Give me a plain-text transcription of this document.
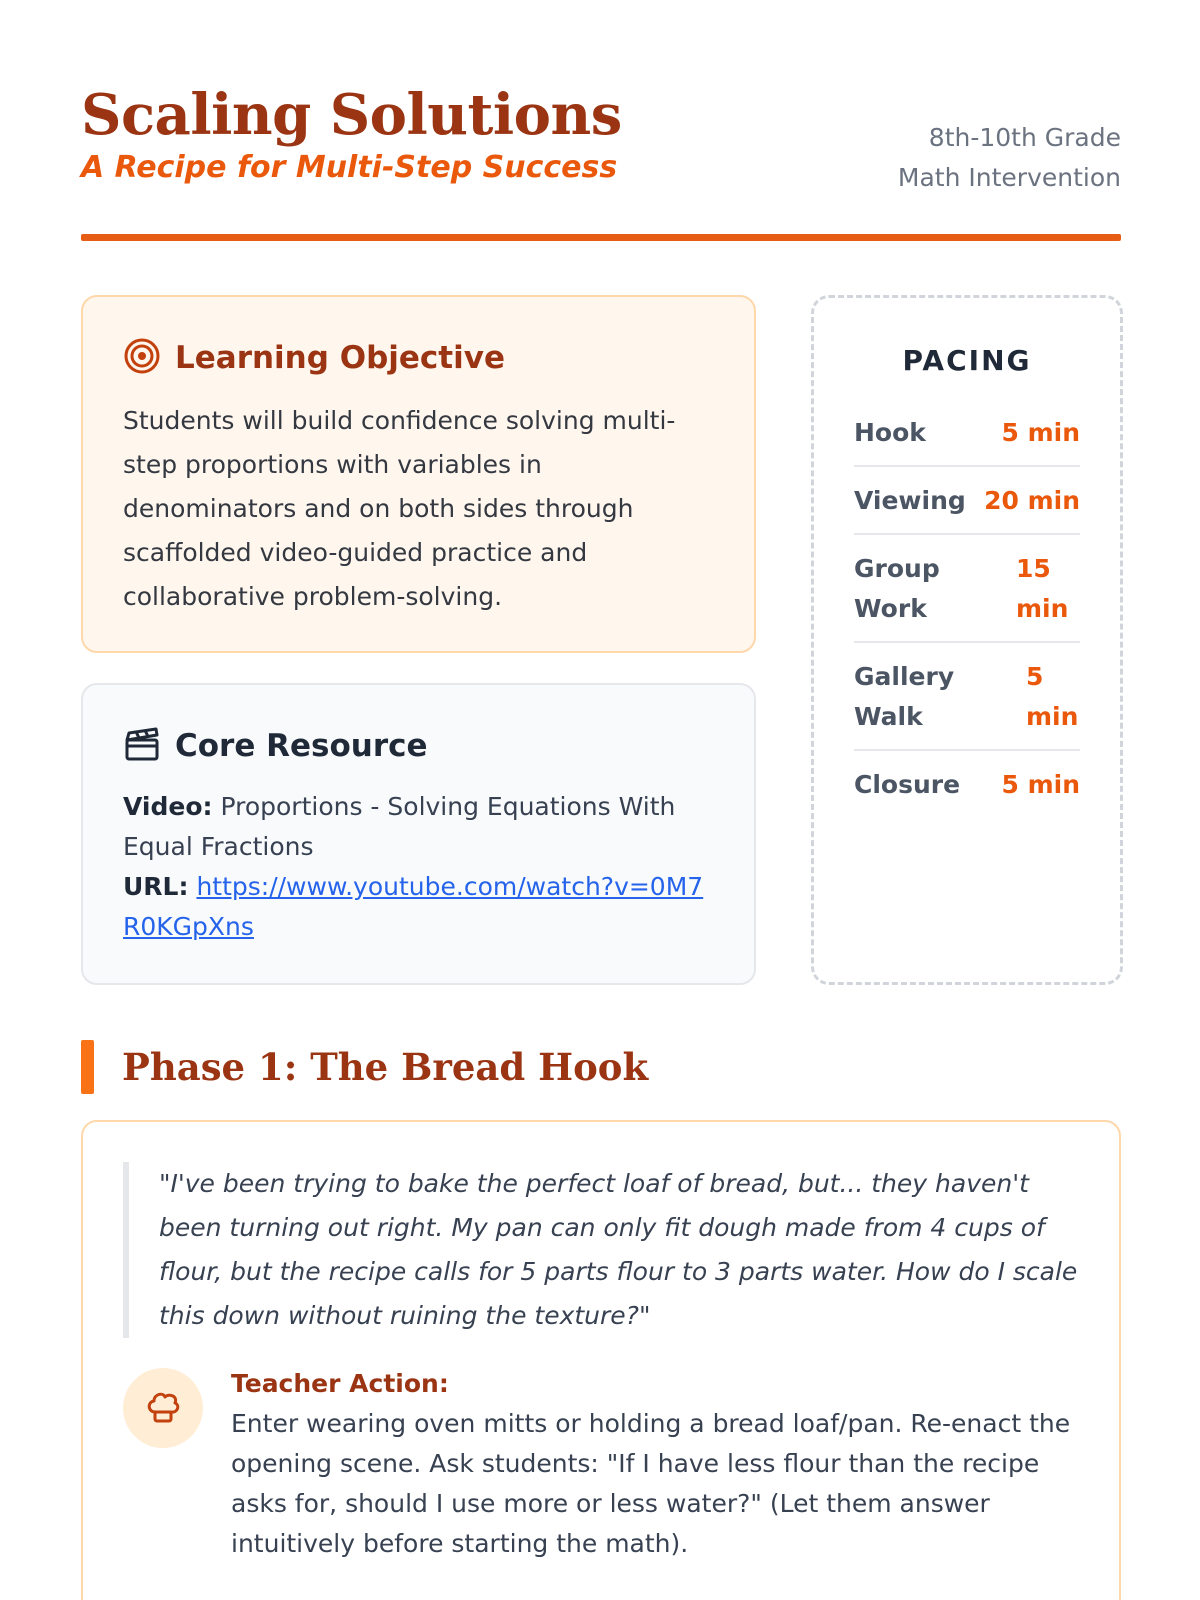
Scaling Solutions
A Recipe for Multi-Step Success
8th-10th Grade
Math Intervention
Learning Objective

Students will build confidence solving multi-step proportions with variables in denominators and on both sides through scaffolded video-guided practice and collaborative problem-solving.

Core Resource
Video: Proportions - Solving Equations With Equal Fractions
URL: https://www.youtube.com/watch?v=0M7R0KGpXns
PACING
Hook	5 min
Viewing 20 min
Group Work
15 min
Gallery Walk
5 min
Closure 5 min
Phase 1: The Bread Hook
"I've been trying to bake the perfect loaf of bread, but... they haven't been turning out right. My pan can only fit dough made from 4 cups of flour, but the recipe calls for 5 parts flour to 3 parts water. How do I scale this down without ruining the texture?"
Teacher Action:
Enter wearing oven mitts or holding a bread loaf/pan. Re-enact the opening scene. Ask students: "If I have less flour than the recipe asks for, should I use more or less water?" (Let them answer intuitively before starting the math).
